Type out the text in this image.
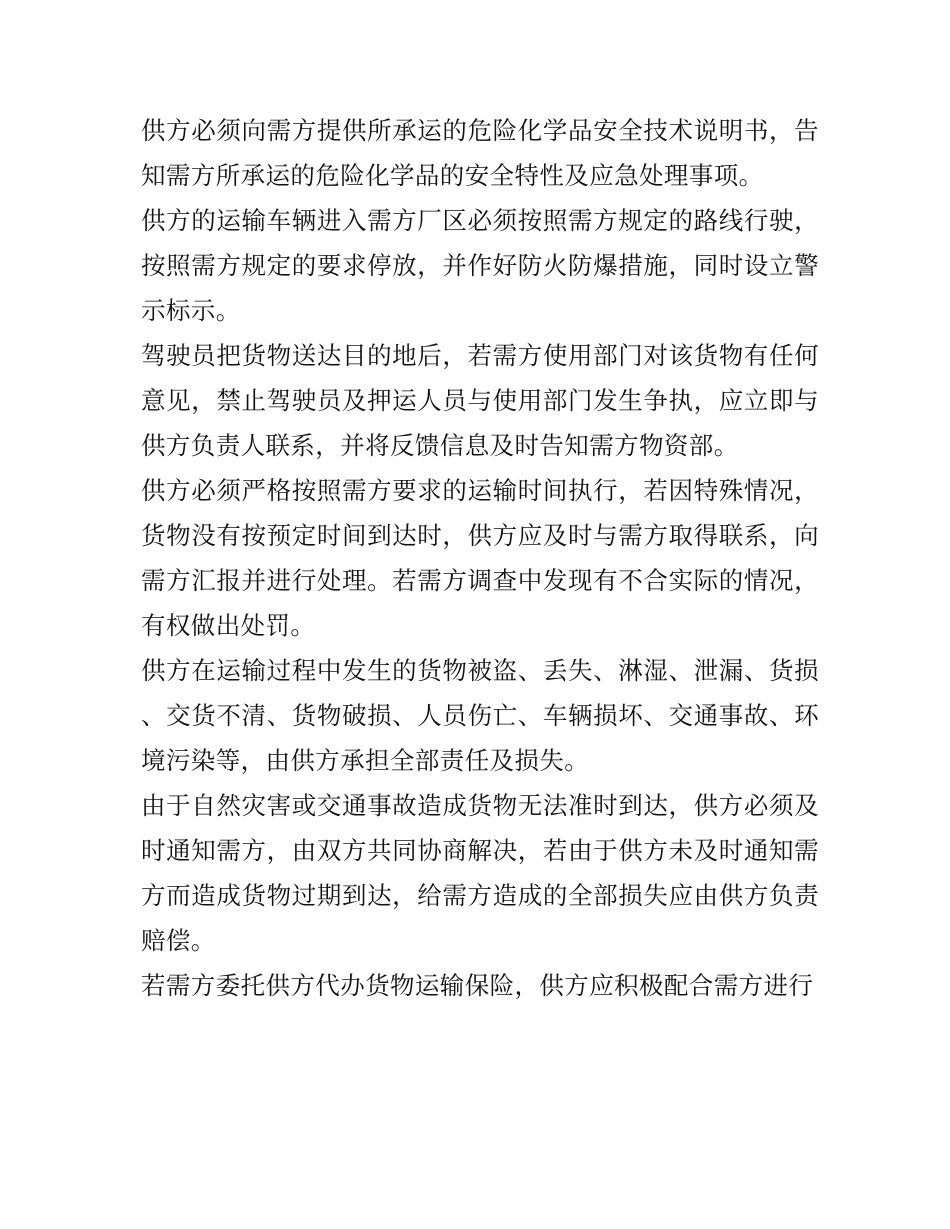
供方必须向需方提供所承运的危险化学品安全技术说明书，告知需方所承运的危险化学品的安全特性及应急处理事项。

供方的运输车辆进入需方厂区必须按照需方规定的路线行驶，按照需方规定的要求停放，并作好防火防爆措施，同时设立警示标示。

驾驶员把货物送达目的地后，若需方使用部门对该货物有任何意见，禁止驾驶员及押运人员与使用部门发生争执，应立即与供方负责人联系，并将反馈信息及时告知需方物资部。

供方必须严格按照需方要求的运输时间执行，若因特殊情况，货物没有按预定时间到达时，供方应及时与需方取得联系，向需方汇报并进行处理。若需方调查中发现有不合实际的情况，有权做出处罚。

供方在运输过程中发生的货物被盗、丢失、淋湿、泄漏、货损、交货不清、货物破损、人员伤亡、车辆损坏、交通事故、环境污染等，由供方承担全部责任及损失。

由于自然灾害或交通事故造成货物无法准时到达，供方必须及时通知需方，由双方共同协商解决，若由于供方未及时通知需方而造成货物过期到达，给需方造成的全部损失应由供方负责赔偿。

若需方委托供方代办货物运输保险，供方应积极配合需方进行
